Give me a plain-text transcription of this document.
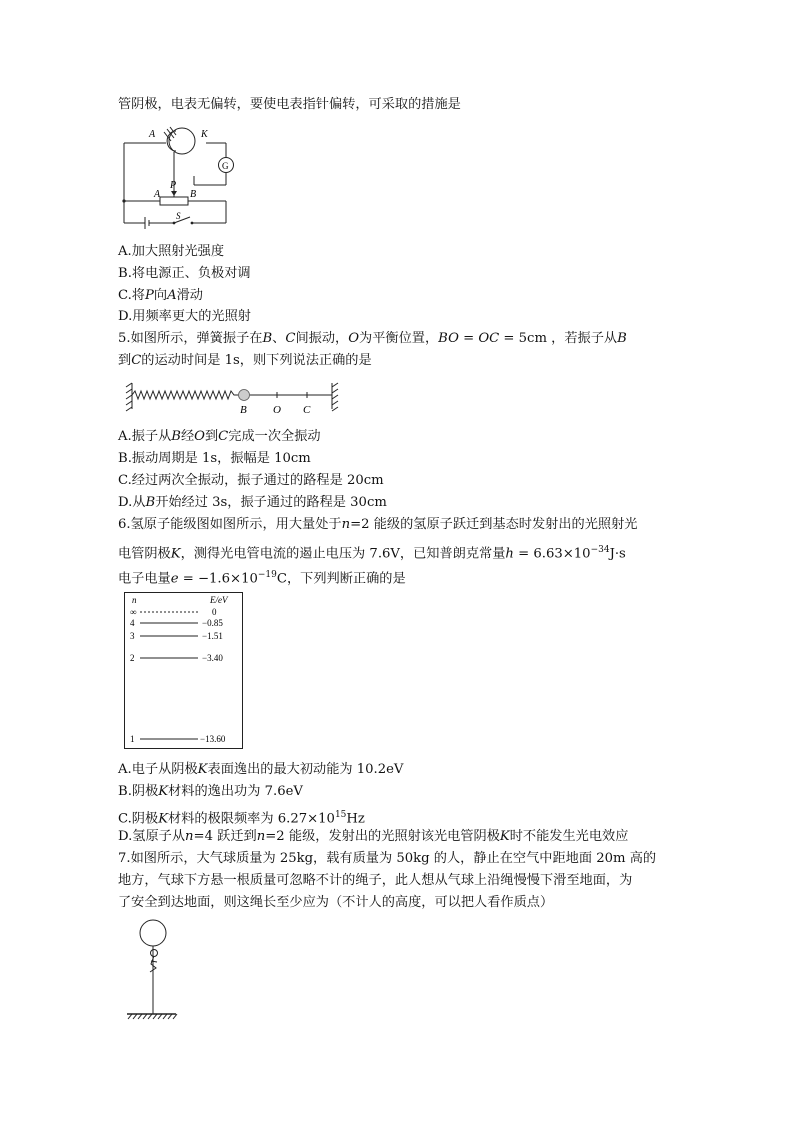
管阴极，电表无偏转，要使电表指针偏转，可采取的措施是
A	K
G
P
A	B
S
A.加大照射光强度
B.将电源正、负极对调
C.将P向A滑动
D.用频率更大的光照射
5.如图所示，弹簧振子在B、C间振动，O为平衡位置，BO = OC = 5cm ，若振子从B
到C的运动时间是 1s，则下列说法正确的是
B O C
A.振子从B经O到C完成一次全振动
B.振动周期是 1s，振幅是 10cm
C.经过两次全振动，振子通过的路程是 20cm
D.从B开始经过 3s，振子通过的路程是 30cm
6.氢原子能级图如图所示，用大量处于n=2 能级的氢原子跃迁到基态时发射出的光照射光
电管阴极K，测得光电管电流的遏止电压为 7.6V，已知普朗克常量$h = 6.63\times 10^{-34}J\cdot s$
电子电量$e = -1.6\times 10^{-19}C$，下列判断正确的是
n	E/eV
∞	0
4	−0.85
3	−1.51
2	−3.40
1	−13.60
A.电子从阴极K表面逸出的最大初动能为 10.2eV
B.阴极K材料的逸出功为 7.6eV
C.阴极K材料的极限频率为 $6.27\times 10^{15}Hz$
D.氢原子从n=4 跃迁到n=2 能级，发射出的光照射该光电管阴极K时不能发生光电效应
7.如图所示，大气球质量为 25kg，载有质量为 50kg 的人，静止在空气中距地面 20m 高的
地方，气球下方悬一根质量可忽略不计的绳子，此人想从气球上沿绳慢慢下滑至地面，为
了安全到达地面，则这绳长至少应为（不计人的高度，可以把人看作质点）
